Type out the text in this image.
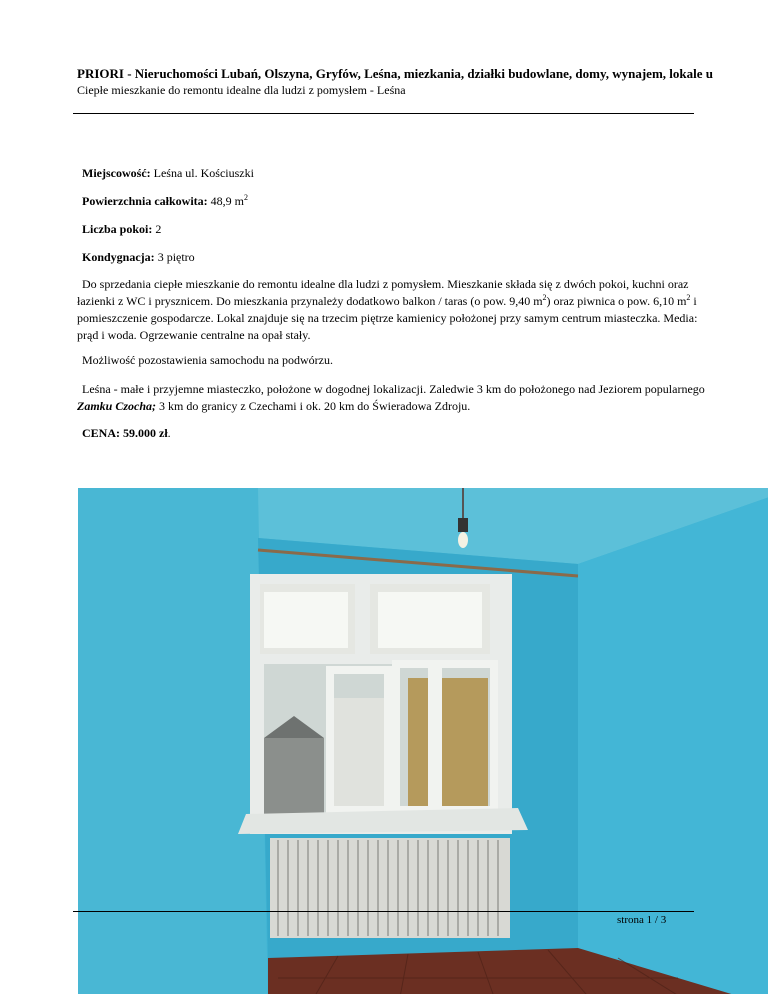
PRIORI - Nieruchomości Lubań, Olszyna, Gryfów, Leśna, miezkania, działki budowlane, domy, wynajem, lokale u
Ciepłe mieszkanie do remontu idealne dla ludzi z pomysłem - Leśna
Miejscowość: Leśna ul. Kościuszki
Powierzchnia całkowita: 48,9 $m^2$
Liczba pokoi: 2
Kondygnacja: 3 piętro
Do sprzedania ciepłe mieszkanie do remontu idealne dla ludzi z pomysłem. Mieszkanie składa się z dwóch pokoi, kuchni oraz łazienki z WC i prysznicem. Do mieszkania przynależy dodatkowo balkon / taras (o pow. 9,40 $m^2$) oraz piwnica o pow. 6,10 $m^2$ i pomieszczenie gospodarcze. Lokal znajduje się na trzecim piętrze kamienicy położonej przy samym centrum miasteczka. Media: prąd i woda. Ogrzewanie centralne na opał stały.
Możliwość pozostawienia samochodu na podwórzu.
Leśna - małe i przyjemne miasteczko, położone w dogodnej lokalizacji. Zaledwie 3 km do położonego nad Jeziorem popularnego Zamku Czocha; 3 km do granicy z Czechami i ok. 20 km do Świeradowa Zdroju.
CENA: 59.000 zł.
strona 1 / 3
